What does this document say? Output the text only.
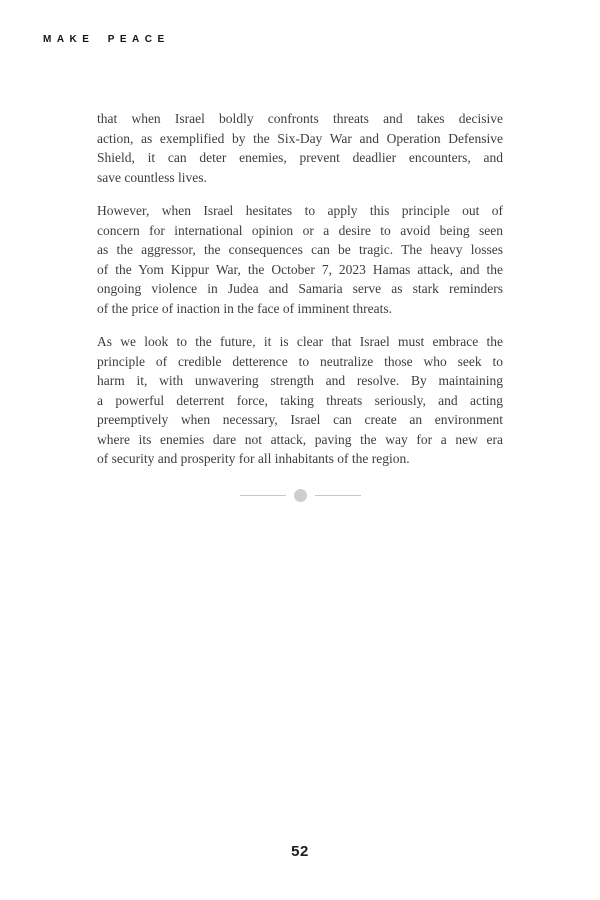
MAKE PEACE
that when Israel boldly confronts threats and takes decisive
action, as exemplified by the Six-Day War and Operation Defensive
Shield, it can deter enemies, prevent deadlier encounters, and
save countless lives.
However, when Israel hesitates to apply this principle out of
concern for international opinion or a desire to avoid being seen
as the aggressor, the consequences can be tragic. The heavy losses
of the Yom Kippur War, the October 7, 2023 Hamas attack, and the
ongoing violence in Judea and Samaria serve as stark reminders
of the price of inaction in the face of imminent threats.
As we look to the future, it is clear that Israel must embrace the
principle of credible detterence to neutralize those who seek to
harm it, with unwavering strength and resolve. By maintaining
a powerful deterrent force, taking threats seriously, and acting
preemptively when necessary, Israel can create an environment
where its enemies dare not attack, paving the way for a new era
of security and prosperity for all inhabitants of the region.
52
